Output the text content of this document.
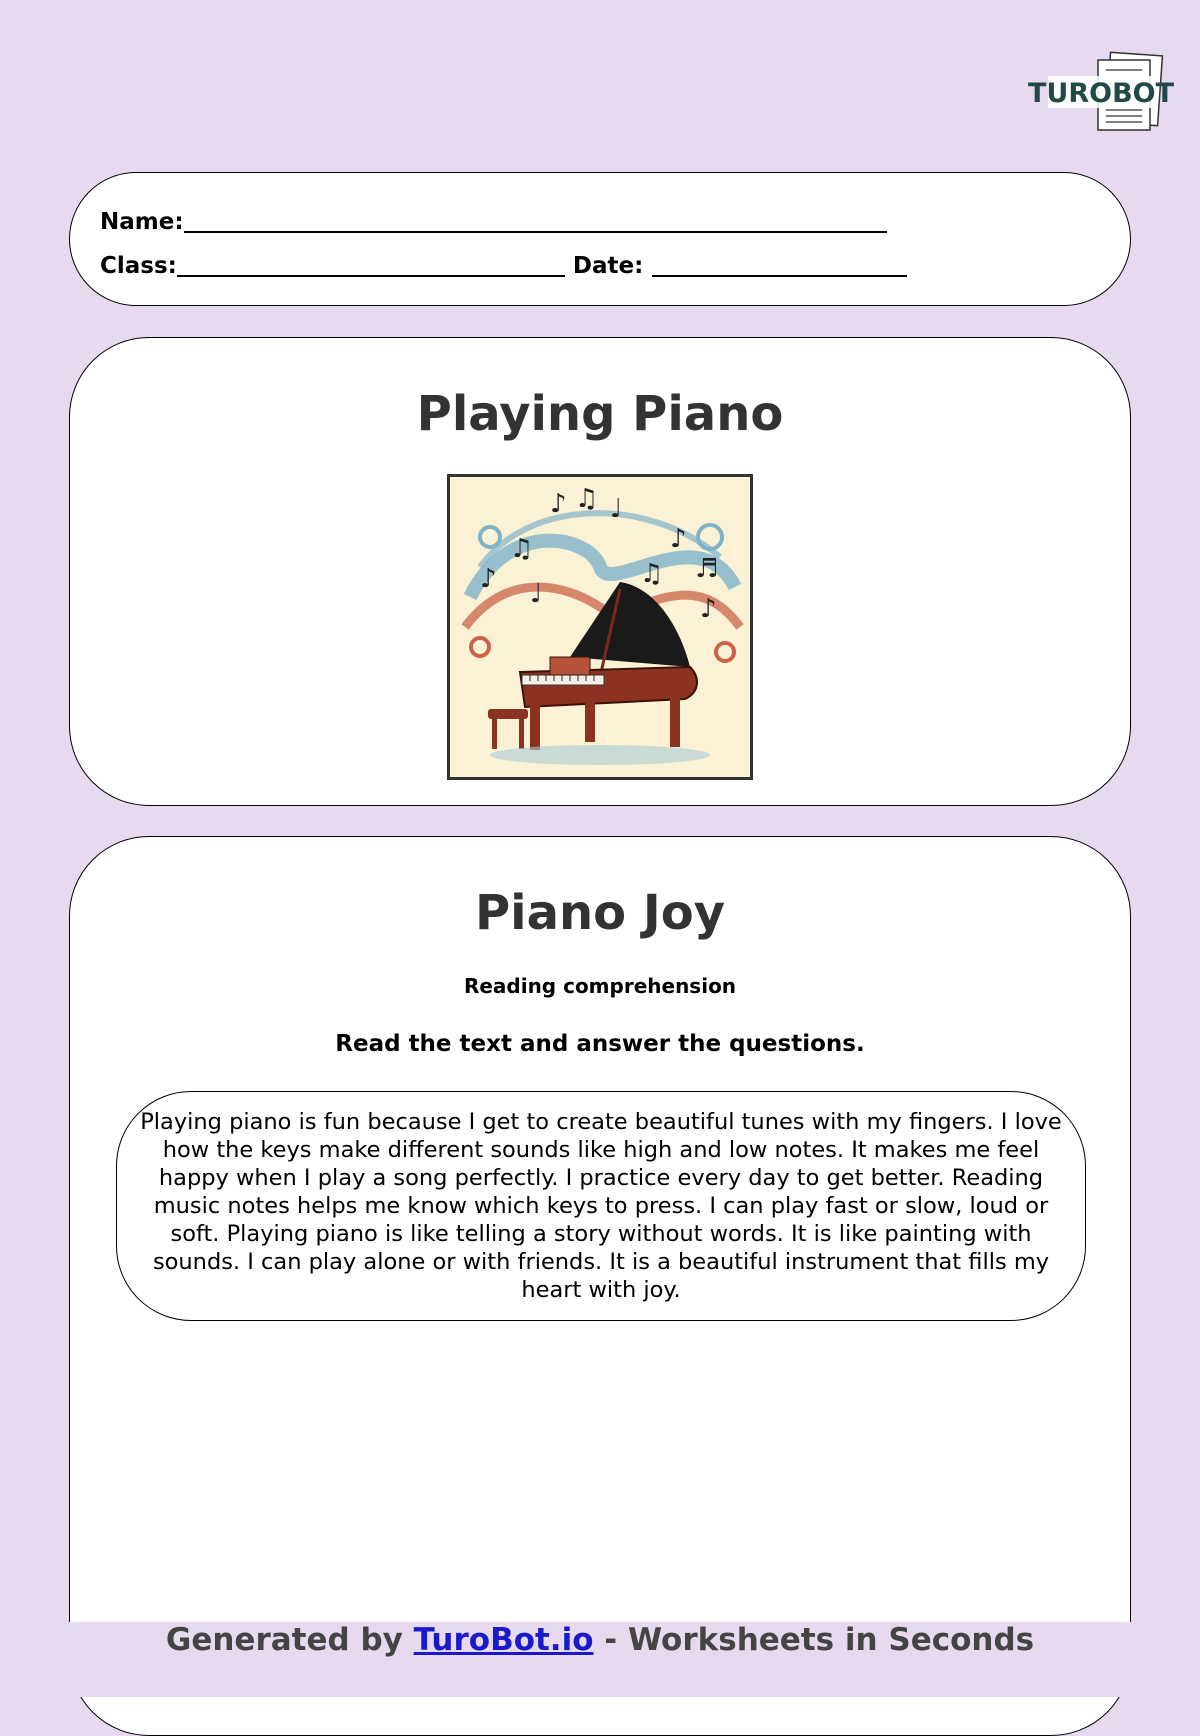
TUROBOT
Name:
Class:	Date:
Playing Piano
♪ ♫ ♩
♫	♪
♬
♪	♫
♩	♪
Piano Joy
Reading comprehension
Read the text and answer the questions.
Playing piano is fun because I get to create beautiful tunes with my fingers. I love how the keys make different sounds like high and low notes. It makes me feel happy when I play a song perfectly. I practice every day to get better. Reading music notes helps me know which keys to press. I can play fast or slow, loud or soft. Playing piano is like telling a story without words. It is like painting with sounds. I can play alone or with friends. It is a beautiful instrument that fills my heart with joy.
Generated by TuroBot.io - Worksheets in Seconds
